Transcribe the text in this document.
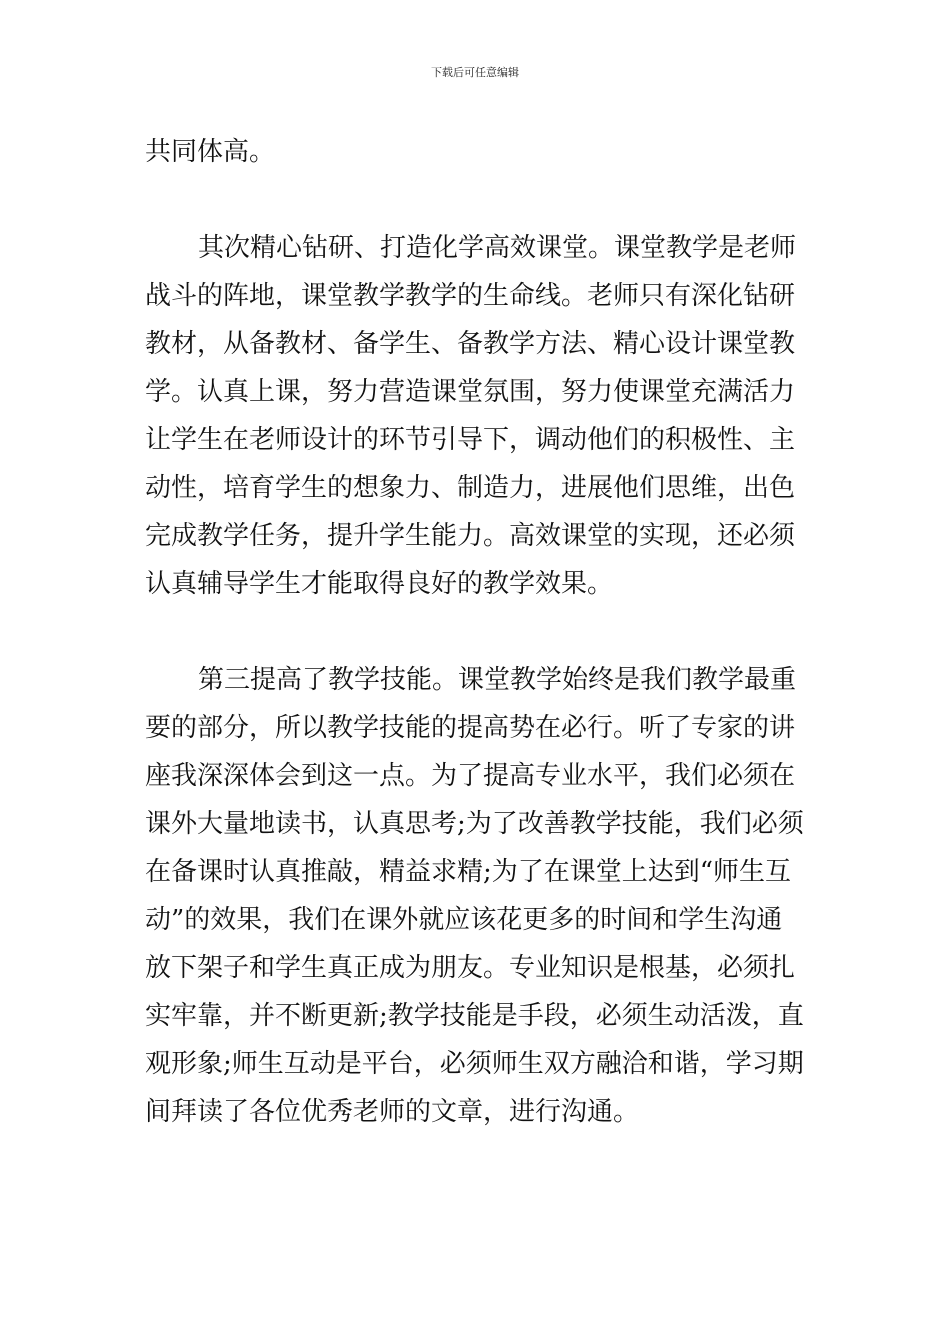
下载后可任意编辑
共同体高。
其次精心钻研、打造化学高效课堂。课堂教学是老师
战斗的阵地，课堂教学教学的生命线。老师只有深化钻研
教材，从备教材、备学生、备教学方法、精心设计课堂教
学。认真上课，努力营造课堂氛围，努力使课堂充满活力
让学生在老师设计的环节引导下，调动他们的积极性、主
动性，培育学生的想象力、制造力，进展他们思维，出色
完成教学任务，提升学生能力。高效课堂的实现，还必须
认真辅导学生才能取得良好的教学效果。
第三提高了教学技能。课堂教学始终是我们教学最重
要的部分，所以教学技能的提高势在必行。听了专家的讲
座我深深体会到这一点。为了提高专业水平，我们必须在
课外大量地读书，认真思考;为了改善教学技能，我们必须
在备课时认真推敲，精益求精;为了在课堂上达到“师生互
动”的效果，我们在课外就应该花更多的时间和学生沟通
放下架子和学生真正成为朋友。专业知识是根基，必须扎
实牢靠，并不断更新;教学技能是手段，必须生动活泼，直
观形象;师生互动是平台，必须师生双方融洽和谐，学习期
间拜读了各位优秀老师的文章，进行沟通。
